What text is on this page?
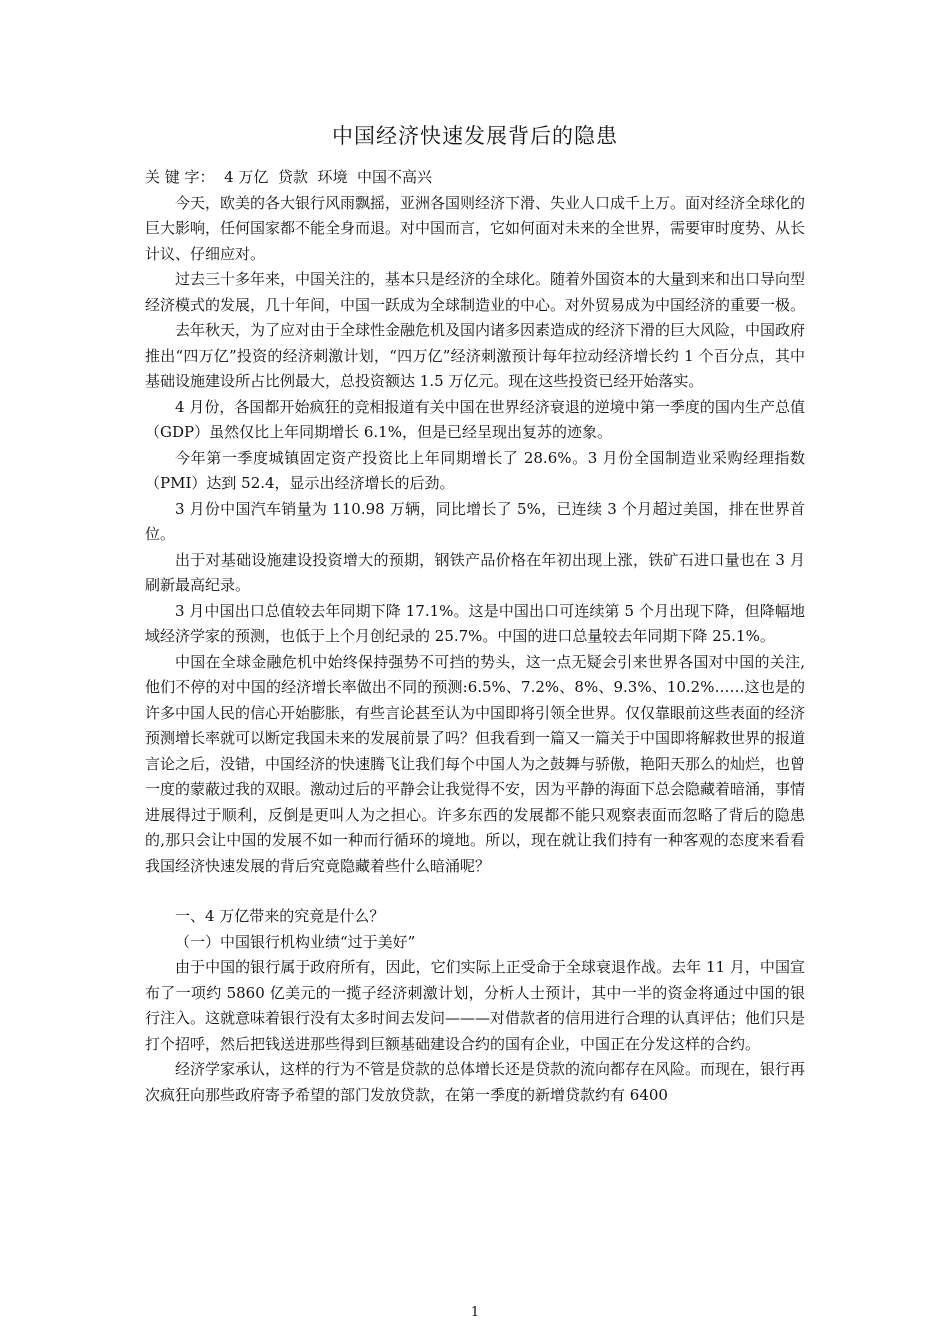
中国经济快速发展背后的隐患

关 键 字：  4 万亿  贷款  环境  中国不高兴

今天，欧美的各大银行风雨飘摇，亚洲各国则经济下滑、失业人口成千上万。面对经济全球化的巨大影响，任何国家都不能全身而退。对中国而言，它如何面对未来的全世界，需要审时度势、从长计议、仔细应对。

过去三十多年来，中国关注的，基本只是经济的全球化。随着外国资本的大量到来和出口导向型经济模式的发展，几十年间，中国一跃成为全球制造业的中心。对外贸易成为中国经济的重要一极。

去年秋天，为了应对由于全球性金融危机及国内诸多因素造成的经济下滑的巨大风险，中国政府推出“四万亿”投资的经济刺激计划，“四万亿”经济刺激预计每年拉动经济增长约 1 个百分点，其中基础设施建设所占比例最大，总投资额达 1.5 万亿元。现在这些投资已经开始落实。

4 月份，各国都开始疯狂的竞相报道有关中国在世界经济衰退的逆境中第一季度的国内生产总值（GDP）虽然仅比上年同期增长 6.1%，但是已经呈现出复苏的迹象。

今年第一季度城镇固定资产投资比上年同期增长了 28.6%。3 月份全国制造业采购经理指数（PMI）达到 52.4，显示出经济增长的后劲。

3 月份中国汽车销量为 110.98 万辆，同比增长了 5%，已连续 3 个月超过美国，排在世界首位。

出于对基础设施建设投资增大的预期，钢铁产品价格在年初出现上涨，铁矿石进口量也在 3 月刷新最高纪录。

3 月中国出口总值较去年同期下降 17.1%。这是中国出口可连续第 5 个月出现下降，但降幅地域经济学家的预测，也低于上个月创纪录的 25.7%。中国的进口总量较去年同期下降 25.1%。

中国在全球金融危机中始终保持强势不可挡的势头，这一点无疑会引来世界各国对中国的关注,他们不停的对中国的经济增长率做出不同的预测:6.5%、7.2%、8%、9.3%、10.2%……这也是的许多中国人民的信心开始膨胀，有些言论甚至认为中国即将引领全世界。仅仅靠眼前这些表面的经济预测增长率就可以断定我国未来的发展前景了吗？但我看到一篇又一篇关于中国即将解救世界的报道言论之后，没错，中国经济的快速腾飞让我们每个中国人为之鼓舞与骄傲，艳阳天那么的灿烂，也曾一度的蒙蔽过我的双眼。激动过后的平静会让我觉得不安，因为平静的海面下总会隐藏着暗涌，事情进展得过于顺利，反倒是更叫人为之担心。许多东西的发展都不能只观察表面而忽略了背后的隐患的,那只会让中国的发展不如一种而行循环的境地。所以，现在就让我们持有一种客观的态度来看看我国经济快速发展的背后究竟隐藏着些什么暗涌呢？

一、4 万亿带来的究竟是什么？

（一）中国银行机构业绩“过于美好”

由于中国的银行属于政府所有，因此，它们实际上正受命于全球衰退作战。去年 11 月，中国宣布了一项约 5860 亿美元的一揽子经济刺激计划，分析人士预计，其中一半的资金将通过中国的银行注入。这就意味着银行没有太多时间去发问———对借款者的信用进行合理的认真评估；他们只是打个招呼，然后把钱送进那些得到巨额基础建设合约的国有企业，中国正在分发这样的合约。

经济学家承认，这样的行为不管是贷款的总体增长还是贷款的流向都存在风险。而现在，银行再次疯狂向那些政府寄予希望的部门发放贷款，在第一季度的新增贷款约有 6400

1
